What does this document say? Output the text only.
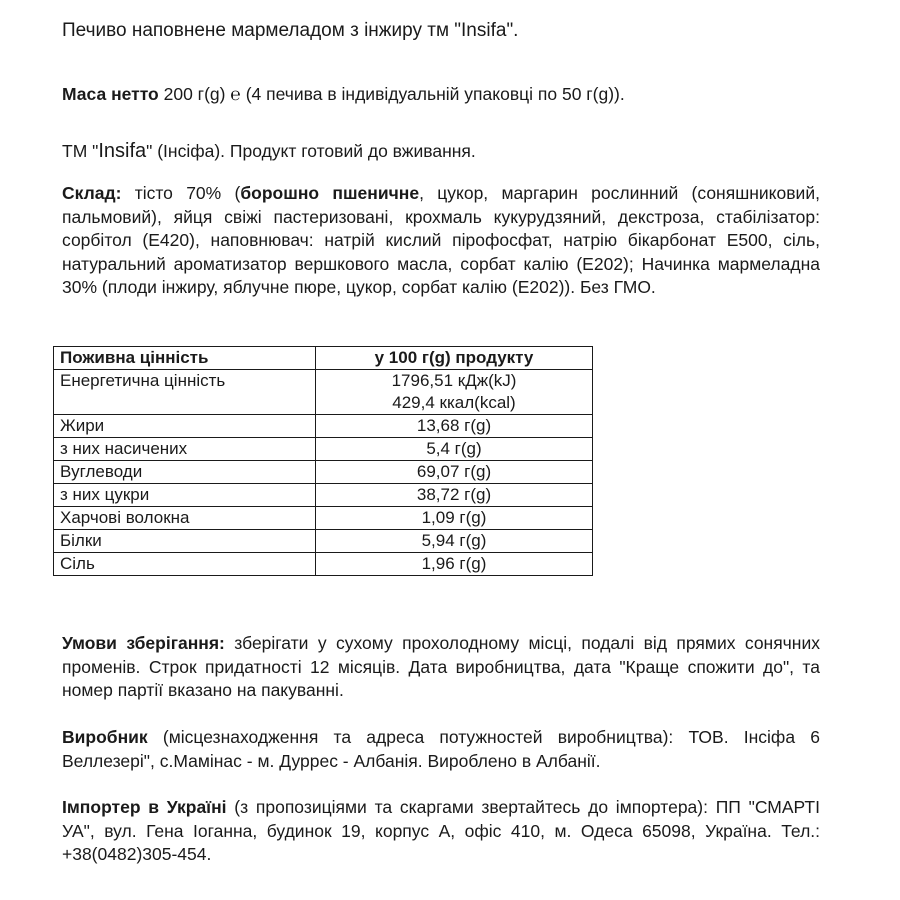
Печиво наповнене мармеладом з інжиру тм "Insifa".
Маса нетто 200 г(g) ℮ (4 печива в індивідуальній упаковці по 50 г(g)).
ТМ "Insifa" (Інсіфа). Продукт готовий до вживання.
Склад: тісто 70% (борошно пшеничне, цукор, маргарин рослинний (соняшниковий, пальмовий), яйця свіжі пастеризовані, крохмаль кукурудзяний, декстроза, стабілізатор: сорбітол (Е420), наповнювач: натрій кислий пірофосфат, натрію бікарбонат Е500, сіль, натуральний ароматизатор вершкового масла, сорбат калію (Е202); Начинка мармеладна 30% (плоди інжиру, яблучне пюре, цукор, сорбат калію (Е202)). Без ГМО.
Умови зберігання: зберігати у сухому прохолодному місці, подалі від прямих сонячних променів. Строк придатності 12 місяців. Дата виробництва, дата "Краще спожити до", та номер партії вказано на пакуванні.
Виробник (місцезнаходження та адреса потужностей виробництва): ТОВ. Інсіфа 6 Веллезері", с.Мамінас - м. Дуррес - Албанія. Вироблено в Албанії.
Імпортер в Україні (з пропозиціями та скаргами звертайтесь до імпортера): ПП "СМАРТІ УА", вул. Гена Іоганна, будинок 19, корпус А, офіс 410, м. Одеса 65098, Україна. Тел.: +38(0482)305-454.
Поживна цінність	у 100 г(g) продукту
Енергетична цінність	1796,51 кДж(kJ)
429,4 ккал(kcal)

Жири	13,68 г(g)
з них насичених	5,4 г(g)
Вуглеводи	69,07 г(g)
з них цукри	38,72 г(g)
Харчові волокна	1,09 г(g)
Білки	5,94 г(g)
Сіль	1,96 г(g)
